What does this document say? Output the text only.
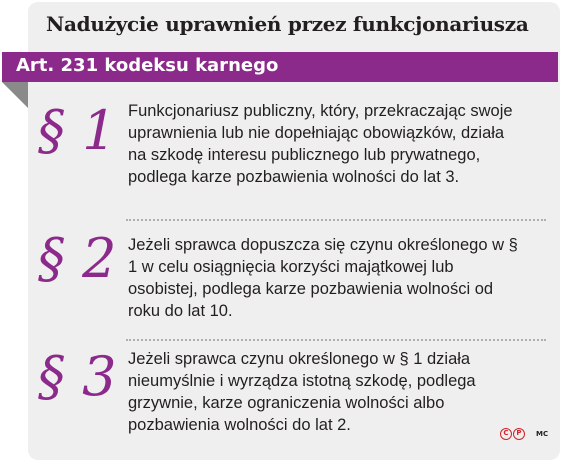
Nadużycie uprawnień przez funkcjonariusza
Art. 231 kodeksu karnego
§ 1 Funkcjonariusz publiczny, który, przekraczając swoje uprawnienia lub nie dopełniając obowiązków, działa na szkodę interesu publicznego lub prywatnego, podlega karze pozbawienia wolności do lat 3.

§ 2 Jeżeli sprawca dopuszcza się czynu określonego w § 1 w celu osiągnięcia korzyści majątkowej lub osobistej, podlega karze pozbawienia wolności od roku do lat 10.

§ 3 Jeżeli sprawca czynu określonego w § 1 działa nieumyślnie i wyrządza istotną szkodę, podlega grzywnie, karze ograniczenia wolności albo pozbawienia wolności do lat 2.	C	P	MC
